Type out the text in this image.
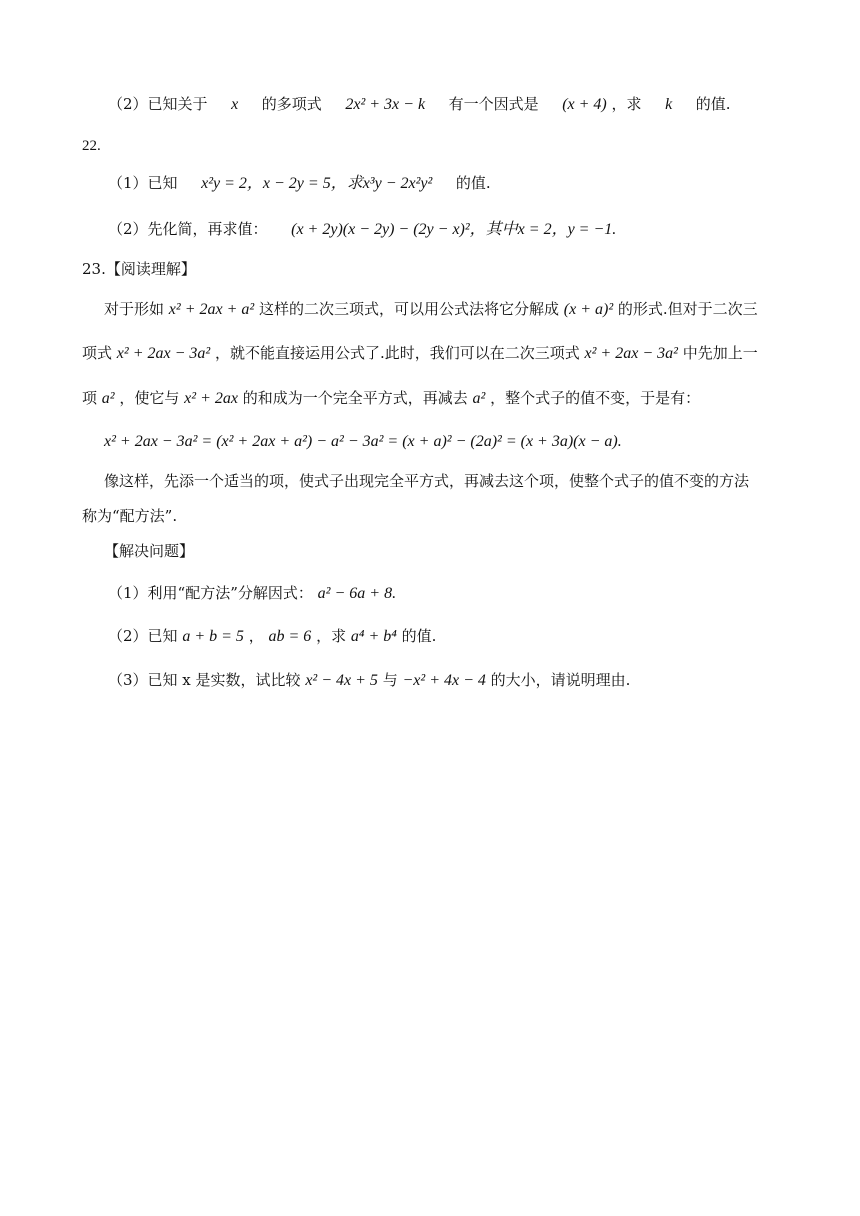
（2）已知关于 x 的多项式 2x² + 3x − k 有一个因式是 (x + 4) ，求 k 的值.
22.
（1）已知 x²y = 2，x − 2y = 5，求x³y − 2x²y² 的值.
（2）先化简，再求值： (x + 2y)(x − 2y) − (2y − x)²，其中x = 2，y = −1.
23.【阅读理解】
对于形如 x² + 2ax + a² 这样的二次三项式，可以用公式法将它分解成 (x + a)² 的形式.但对于二次三
项式 x² + 2ax − 3a² ，就不能直接运用公式了.此时，我们可以在二次三项式 x² + 2ax − 3a² 中先加上一
项 a² ，使它与 x² + 2ax 的和成为一个完全平方式，再减去 a² ，整个式子的值不变，于是有：
x² + 2ax − 3a² = (x² + 2ax + a²) − a² − 3a² = (x + a)² − (2a)² = (x + 3a)(x − a).
像这样，先添一个适当的项，使式子出现完全平方式，再减去这个项，使整个式子的值不变的方法
称为“配方法”.
【解决问题】
（1）利用“配方法”分解因式： a² − 6a + 8.
（2）已知 a + b = 5 ， ab = 6 ，求 a⁴ + b⁴ 的值.
（3）已知 x 是实数，试比较 x² − 4x + 5 与 −x² + 4x − 4 的大小，请说明理由.
